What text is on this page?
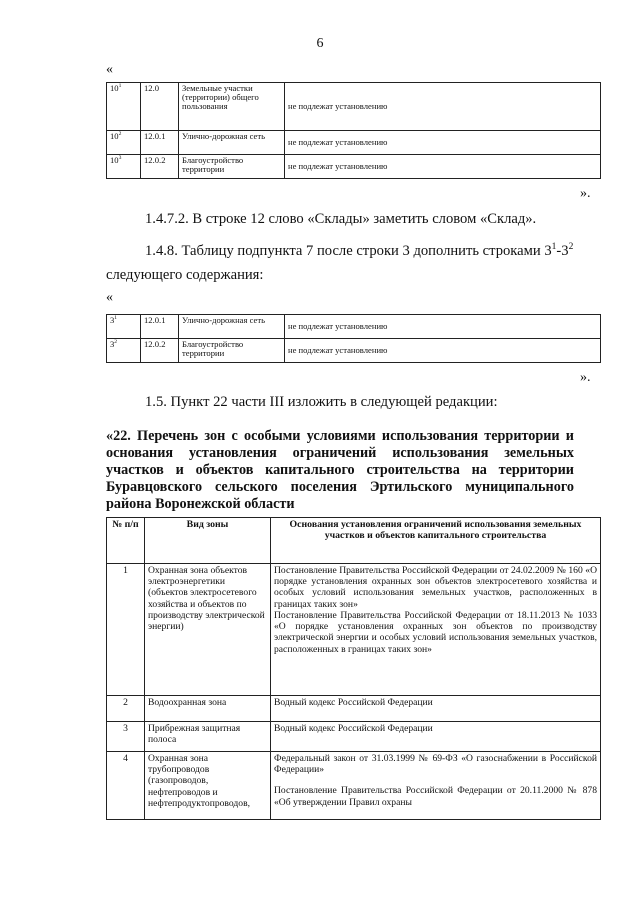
6
«
$10^1$	12.0	Земельные участки (территории) общего пользования	не подлежат установлению
$10^2$	12.0.1	Улично-дорожная сеть	не подлежат установлению
$10^3$	12.0.2	Благоустройство территории	не подлежат установлению
».
1.4.7.2. В строке 12 слово «Склады» заметить словом «Склад».
1.4.8. Таблицу подпункта 7 после строки 3 дополнить строками $3^1-3^2$
следующего содержания:
«
$3^1$	12.0.1	Улично-дорожная сеть	не подлежат установлению
$3^2$	12.0.2	Благоустройство территории	не подлежат установлению
».
1.5. Пункт 22 части III изложить в следующей редакции:
«22. Перечень зон с особыми условиями использования территории и основания установления ограничений использования земельных участков и объектов капитального строительства на территории Буравцовского сельского поселения Эртильского муниципального района Воронежской области
№ п/п	Вид зоны	Основания установления ограничений использования земельных участков и объектов капитального строительства
1	Охранная зона объектов электроэнергетики (объектов электросетевого хозяйства и объектов по производству электрической энергии)	Постановление Правительства Российской Федерации от 24.02.2009 № 160 «О порядке установления охранных зон объектов электросетевого хозяйства и особых условий использования земельных участков, расположенных в границах таких зон»

Постановление Правительства Российской Федерации от 18.11.2013 № 1033 «О порядке установления охранных зон объектов по производству электрической энергии и особых условий использования земельных участков, расположенных в границах таких зон»

2	Водоохранная зона	Водный кодекс Российской Федерации

3	Прибрежная защитная полоса	Водный кодекс Российской Федерации

4	Охранная зона трубопроводов (газопроводов, нефтепроводов и нефтепродуктопроводов,	Федеральный закон от 31.03.1999 № 69-ФЗ «О газоснабжении в Российской Федерации»

Постановление Правительства Российской Федерации от 20.11.2000 № 878 «Об утверждении Правил охраны
